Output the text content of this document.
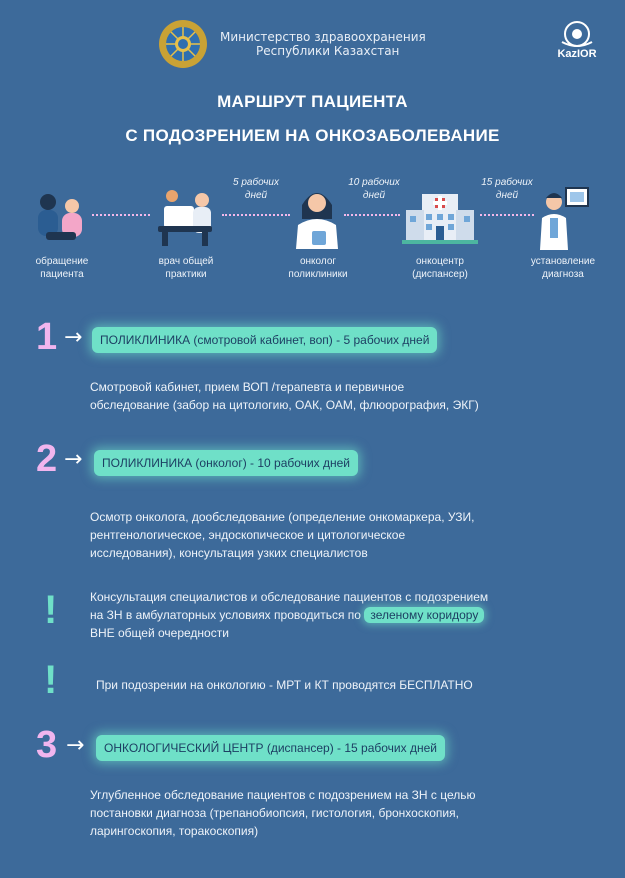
Министерство здравоохранения
Республики Казахстан	KazIOR
МАРШРУТ ПАЦИЕНТА
С ПОДОЗРЕНИЕМ НА ОНКОЗАБОЛЕВАНИЕ
5 рабочих
дней
10 рабочих
дней
15 рабочих
дней
обращение
пациента
врач общей
практики
онколог
поликлиники
онкоцентр
(диспансер)
установление
диагноза
1 →	ПОЛИКЛИНИКА (смотровой кабинет, воп) - 5 рабочих дней
Смотровой кабинет, прием ВОП /терапевта и первичное
обследование (забор на цитологию, ОАК, ОАМ, флюорография, ЭКГ)
2 →	ПОЛИКЛИНИКА (онколог) - 10 рабочих дней
Осмотр онколога, дообследование (определение онкомаркера, УЗИ,
рентгенологическое, эндоскопическое и цитологическое
исследования), консультация узких специалистов
!	Консультация специалистов и обследование пациентов с подозрением
на ЗН в амбулаторных условиях проводиться по зеленому коридору
ВНЕ общей очередности
!	При подозрении на онкологию - МРТ и КТ проводятся БЕСПЛАТНО
3 →	ОНКОЛОГИЧЕСКИЙ ЦЕНТР (диспансер) - 15 рабочих дней
Углубленное обследование пациентов с подозрением на ЗН с целью
постановки диагноза (трепанобиопсия, гистология, бронхоскопия,
ларингоскопия, торакоскопия)
